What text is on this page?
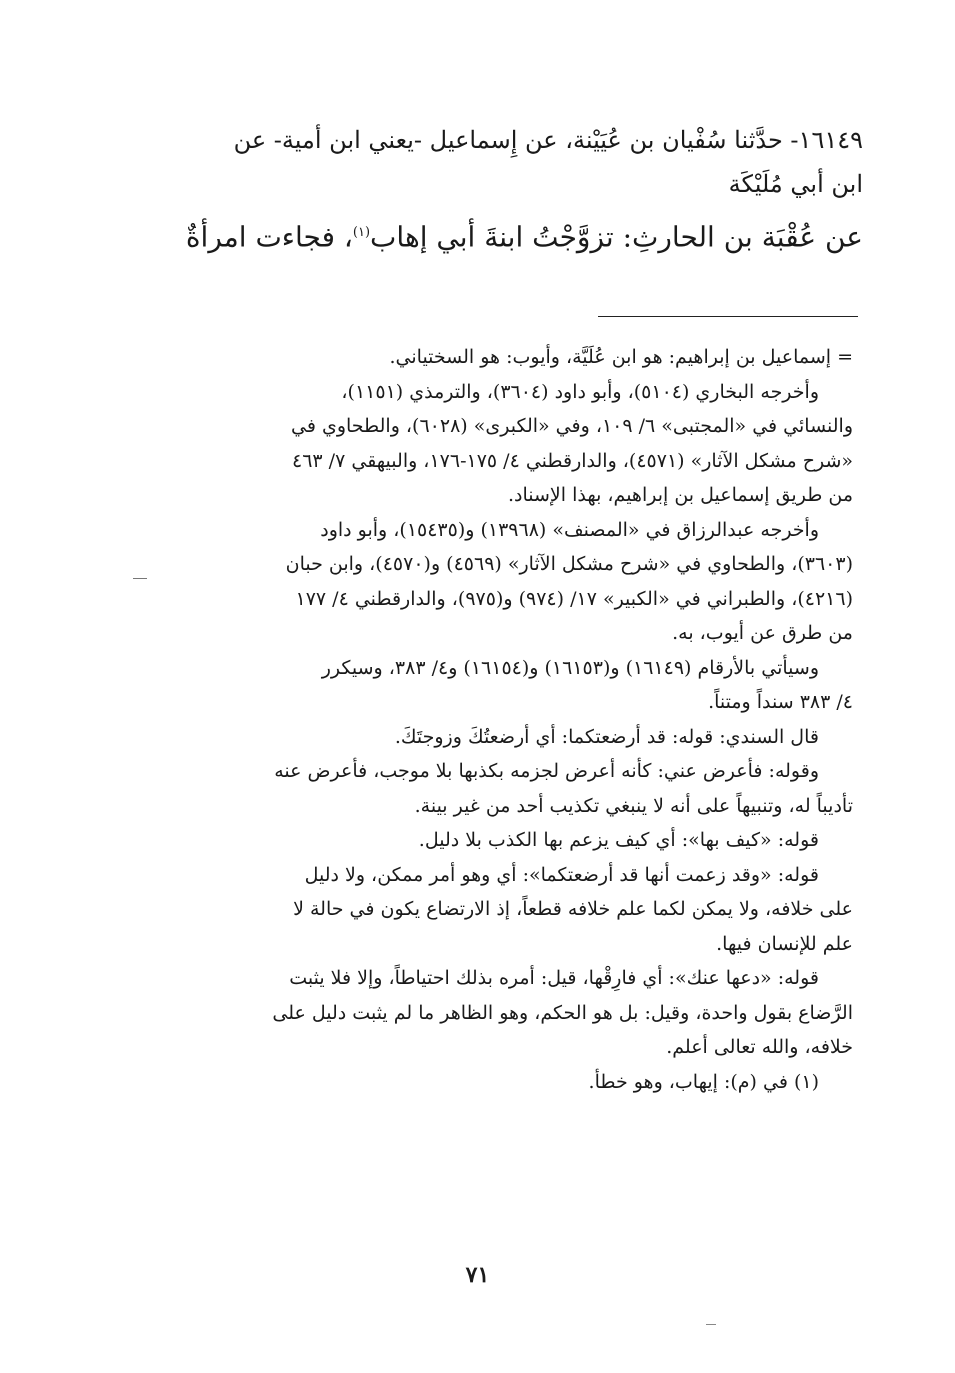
١٦١٤٩- حدَّثنا سُفْيان بن عُيَيْنة، عن إِسماعيل -يعني ابن أمية- عن
ابن أبي مُلَيْكَة
عن عُقْبَة بن الحارثِ: تزوَّجْتُ ابنةَ أبي إهاب$^{(١)}$، فجاءت امرأةٌ

= إسماعيل بن إبراهيم: هو ابن عُلَيَّة، وأيوب: هو السختياني.

وأخرجه البخاري (٥١٠٤)، وأبو داود (٣٦٠٤)، والترمذي (١١٥١)،

والنسائي في «المجتبى» ٦/ ١٠٩، وفي «الكبرى» (٦٠٢٨)، والطحاوي في

«شرح مشكل الآثار» (٤٥٧١)، والدارقطني ٤/ ١٧٥-١٧٦، والبيهقي ٧/ ٤٦٣

من طريق إسماعيل بن إبراهيم، بهذا الإسناد.

وأخرجه عبدالرزاق في «المصنف» (١٣٩٦٨) و(١٥٤٣٥)، وأبو داود

(٣٦٠٣)، والطحاوي في «شرح مشكل الآثار» (٤٥٦٩) و(٤٥٧٠)، وابن حبان

(٤٢١٦)، والطبراني في «الكبير» ١٧/ (٩٧٤) و(٩٧٥)، والدارقطني ٤/ ١٧٧

من طرق عن أيوب، به.

وسيأتي بالأرقام (١٦١٤٩) و(١٦١٥٣) و(١٦١٥٤) و٤/ ٣٨٣، وسيكرر

٤/ ٣٨٣ سنداً ومتناً.

قال السندي: قوله: قد أرضعتكما: أي أرضعتُكَ وزوجتَكَ.

وقوله: فأعرض عني: كأنه أعرض لجزمه بكذبها بلا موجب، فأعرض عنه

تأديباً له، وتنبيهاً على أنه لا ينبغي تكذيب أحد من غير بينة.

قوله: «كيف بها»: أي كيف يزعم بها الكذب بلا دليل.

قوله: «وقد زعمت أنها قد أرضعتكما»: أي وهو أمر ممكن، ولا دليل

على خلافه، ولا يمكن لكما علم خلافه قطعاً، إذ الارتضاع يكون في حالة لا

علم للإنسان فيها.

قوله: «دعها عنك»: أي فارِقْها، قيل: أمره بذلك احتياطاً، وإلا فلا يثبت

الرَّضاع بقول واحدة، وقيل: بل هو الحكم، وهو الظاهر ما لم يثبت دليل على

خلافه، والله تعالى أعلم.

(١) في (م): إيهاب، وهو خطأ.

٧١
